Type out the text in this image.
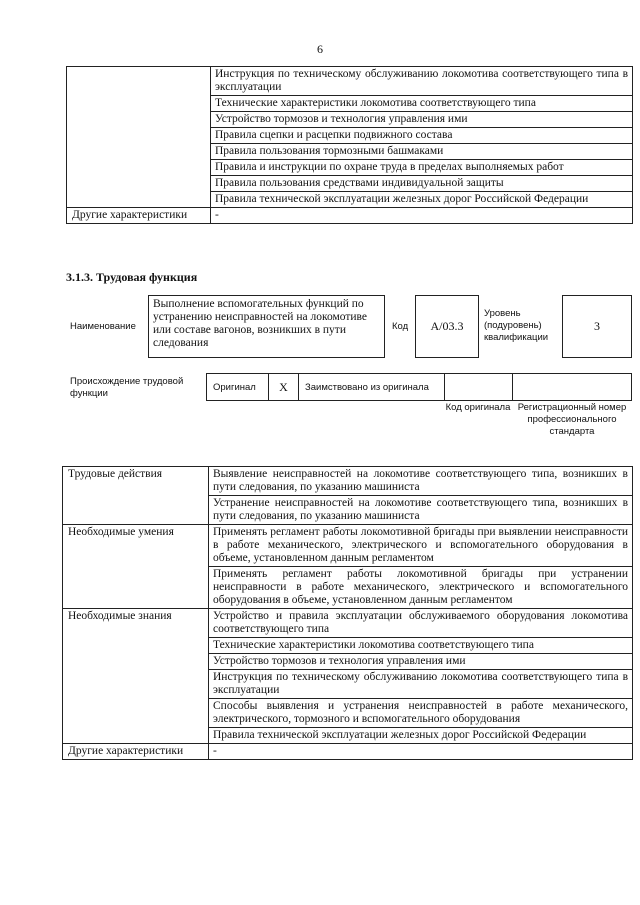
6
	Инструкция по техническому обслуживанию локомотива соответствующего типа в эксплуатации
	Технические характеристики локомотива соответствующего типа
	Устройство тормозов и технология управления ими
	Правила сцепки и расцепки подвижного состава
	Правила пользования тормозными башмаками
	Правила и инструкции по охране труда в пределах выполняемых работ
	Правила пользования средствами индивидуальной защиты
	Правила технической эксплуатации железных дорог Российской Федерации
Другие характеристики	-
3.1.3. Трудовая функция
Наименование
Выполнение вспомогательных функций по устранению неисправностей на локомотиве или составе вагонов, возникших в пути следования
Код	А/03.3
Уровень (подуровень) квалификации
3
Происхождение трудовой функции
Оригинал	Х	Заимствовано из оригинала
Код оригинала Регистрационный номер профессионального стандарта
Трудовые действия	Выявление неисправностей на локомотиве соответствующего типа, возникших в пути следования, по указанию машиниста
	Устранение неисправностей на локомотиве соответствующего типа, возникших в пути следования, по указанию машиниста
Необходимые умения	Применять регламент работы локомотивной бригады при выявлении неисправности в работе механического, электрического и вспомогательного оборудования в объеме, установленном данным регламентом
	Применять регламент работы локомотивной бригады при устранении неисправности в работе механического, электрического и вспомогательного оборудования в объеме, установленном данным регламентом
Необходимые знания	Устройство и правила эксплуатации обслуживаемого оборудования локомотива соответствующего типа
	Технические характеристики локомотива соответствующего типа
	Устройство тормозов и технология управления ими
	Инструкция по техническому обслуживанию локомотива соответствующего типа в эксплуатации
	Способы выявления и устранения неисправностей в работе механического, электрического, тормозного и вспомогательного оборудования
	Правила технической эксплуатации железных дорог Российской Федерации
Другие характеристики	-
